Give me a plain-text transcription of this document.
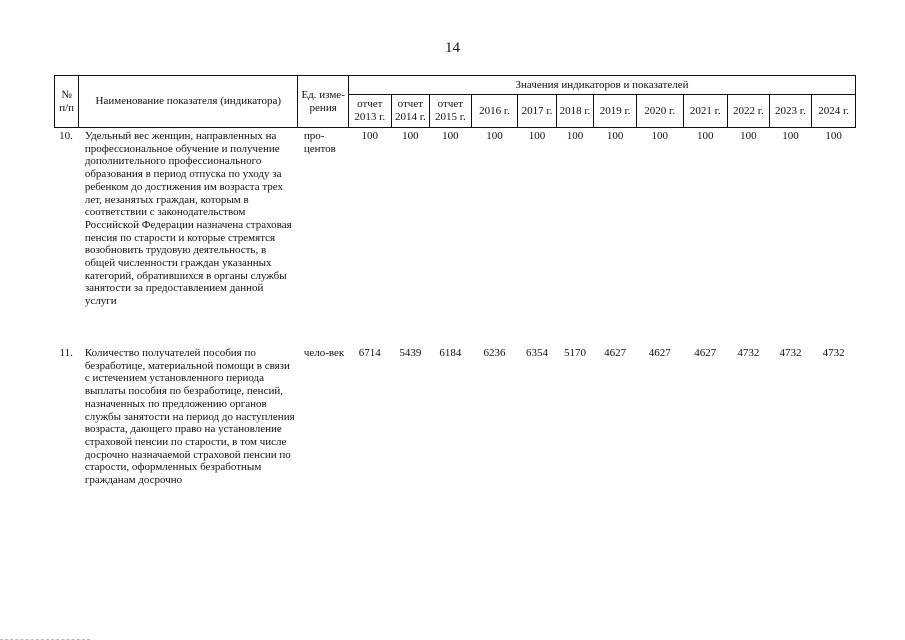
14
№ п/п	Наименование показателя (индикатора)	Ед. изме-рения	Значения индикаторов и показателей											
			отчет 2013 г.	отчет 2014 г.	отчет 2015 г.	2016 г.	2017 г.	2018 г.	2019 г.	2020 г.	2021 г.	2022 г.	2023 г.	2024 г.
10.	Удельный вес женщин, направленных на профессиональное обучение и получение дополнительного профессионального образования в период отпуска по уходу за ребенком до достижения им возраста трех лет, незанятых граждан, которым в соответствии с законодательством Российской Федерации назначена страховая пенсия по старости и которые стремятся возобновить трудовую деятельность, в общей численности граждан указанных категорий, обратившихся в органы службы занятости за предоставлением данной услуги	про-центов	100	100	100	100	100	100	100	100	100	100	100	100
11.	Количество получателей пособия по безработице, материальной помощи в связи с истечением установленного периода выплаты пособия по безработице, пенсий, назначенных по предложению органов службы занятости на период до наступления возраста, дающего право на установление страховой пенсии по старости, в том числе досрочно назначаемой страховой пенсии по старости, оформленных безработным гражданам досрочно	чело-век	6714	5439	6184	6236	6354	5170	4627	4627	4627	4732	4732	4732
